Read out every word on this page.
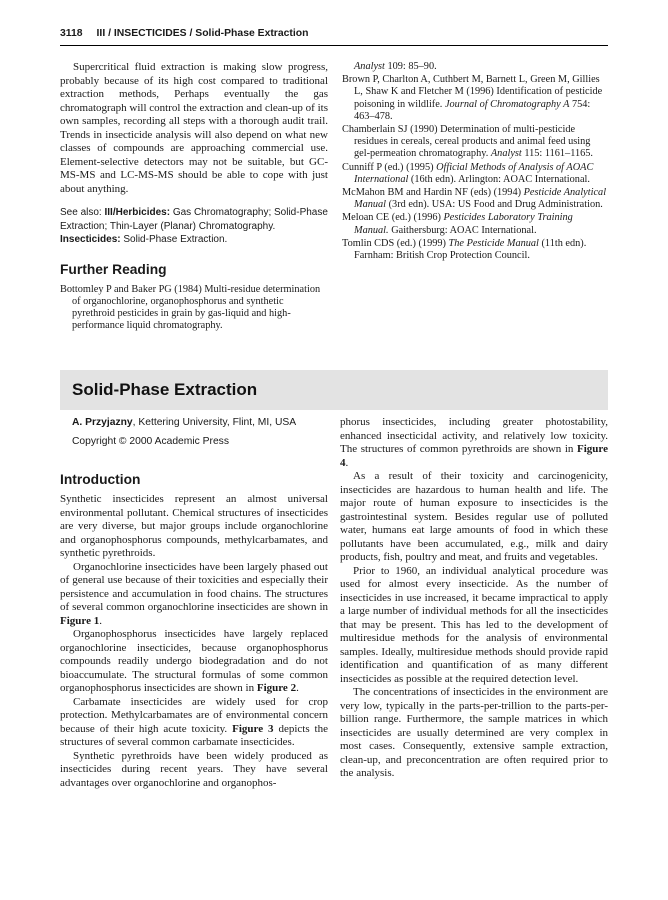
3118 III / INSECTICIDES / Solid-Phase Extraction

Supercritical fluid extraction is making slow progress, probably because of its high cost compared to traditional extraction methods, Perhaps eventually the gas chromatograph will control the extraction and clean-up of its own samples, recording all steps with a thorough audit trail. Trends in insecticide analysis will also depend on what new classes of compounds are approaching commercial use. Element-selective detectors may not be suitable, but GC-MS-MS and LC-MS-MS should be able to cope with just about anything.

See also: III/Herbicides: Gas Chromatography; Solid-Phase Extraction; Thin-Layer (Planar) Chromatography. Insecticides: Solid-Phase Extraction.
Further Reading
Bottomley P and Baker PG (1984) Multi-residue determination of organochlorine, organophosphorus and synthetic pyrethroid pesticides in grain by gas-liquid and high-performance liquid chromatography.
Analyst 109: 85–90.
Brown P, Charlton A, Cuthbert M, Barnett L, Green M, Gillies L, Shaw K and Fletcher M (1996) Identification of pesticide poisoning in wildlife. Journal of Chromatography A 754: 463–478.
Chamberlain SJ (1990) Determination of multi-pesticide residues in cereals, cereal products and animal feed using gel-permeation chromatography. Analyst 115: 1161–1165.
Cunniff P (ed.) (1995) Official Methods of Analysis of AOAC International (16th edn). Arlington: AOAC International.
McMahon BM and Hardin NF (eds) (1994) Pesticide Analytical Manual (3rd edn). USA: US Food and Drug Administration.
Meloan CE (ed.) (1996) Pesticides Laboratory Training Manual. Gaithersburg: AOAC International.
Tomlin CDS (ed.) (1999) The Pesticide Manual (11th edn). Farnham: British Crop Protection Council.
Solid-Phase Extraction
A. Przyjazny, Kettering University, Flint, MI, USA
Copyright © 2000 Academic Press
Introduction

Synthetic insecticides represent an almost universal environmental pollutant. Chemical structures of insecticides are very diverse, but major groups include organochlorine and organophosphorus compounds, methylcarbamates, and synthetic pyrethroids.

Organochlorine insecticides have been largely phased out of general use because of their toxicities and especially their persistence and accumulation in food chains. The structures of several common organochlorine insecticides are shown in Figure 1.

Organophosphorus insecticides have largely replaced organochlorine insecticides, because organophosphorus compounds readily undergo biodegradation and do not bioaccumulate. The structural formulas of some common organophosphorus insecticides are shown in Figure 2.

Carbamate insecticides are widely used for crop protection. Methylcarbamates are of environmental concern because of their high acute toxicity. Figure 3 depicts the structures of several common carbamate insecticides.

Synthetic pyrethroids have been widely produced as insecticides during recent years. They have several advantages over organochlorine and organophos-

phorus insecticides, including greater photostability, enhanced insecticidal activity, and relatively low toxicity. The structures of common pyrethroids are shown in Figure 4.

As a result of their toxicity and carcinogenicity, insecticides are hazardous to human health and life. The major route of human exposure to insecticides is the gastrointestinal system. Besides regular use of polluted water, humans eat large amounts of food in which these pollutants have been accumulated, e.g., milk and dairy products, fish, poultry and meat, and fruits and vegetables.

Prior to 1960, an individual analytical procedure was used for almost every insecticide. As the number of insecticides in use increased, it became impractical to apply a large number of individual methods for all the insecticides that may be present. This has led to the development of multiresidue methods for the analysis of environmental samples. Ideally, multiresidue methods should provide rapid identification and quantification of as many different insecticides as possible at the required detection level.

The concentrations of insecticides in the environment are very low, typically in the parts-per-trillion to the parts-per-billion range. Furthermore, the sample matrices in which insecticides are usually determined are very complex in most cases. Consequently, extensive sample extraction, clean-up, and preconcentration are often required prior to the analysis.
